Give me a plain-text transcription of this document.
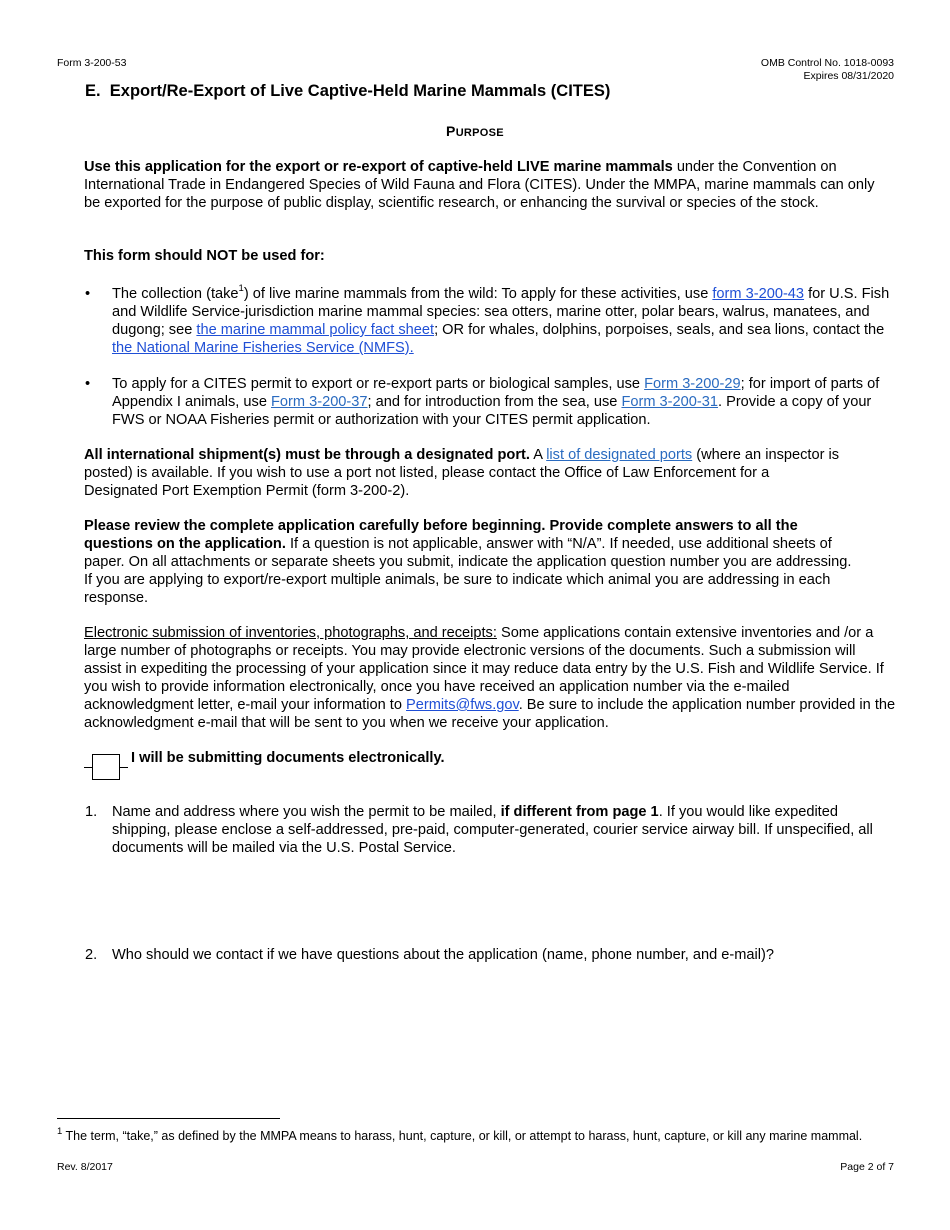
Form 3-200-53	OMB Control No. 1018-0093
Expires 08/31/2020
E. Export/Re-Export of Live Captive-Held Marine Mammals (CITES)
PURPOSE
Use this application for the export or re-export of captive-held LIVE marine mammals under the Convention on International Trade in Endangered Species of Wild Fauna and Flora (CITES). Under the MMPA, marine mammals can only be exported for the purpose of public display, scientific research, or enhancing the survival or species of the stock.
This form should NOT be used for:
• The collection (take$^1$) of live marine mammals from the wild: To apply for these activities, use form 3-200-43 for U.S. Fish and Wildlife Service-jurisdiction marine mammal species: sea otters, marine otter, polar bears, walrus, manatees, and dugong; see the marine mammal policy fact sheet; OR for whales, dolphins, porpoises, seals, and sea lions, contact the the National Marine Fisheries Service (NMFS).
• To apply for a CITES permit to export or re-export parts or biological samples, use Form 3-200-29; for import of parts of Appendix I animals, use Form 3-200-37; and for introduction from the sea, use Form 3-200-31. Provide a copy of your FWS or NOAA Fisheries permit or authorization with your CITES permit application.
All international shipment(s) must be through a designated port. A list of designated ports (where an inspector is posted) is available. If you wish to use a port not listed, please contact the Office of Law Enforcement for a Designated Port Exemption Permit (form 3-200-2).
Please review the complete application carefully before beginning. Provide complete answers to all the questions on the application. If a question is not applicable, answer with “N/A”. If needed, use additional sheets of paper. On all attachments or separate sheets you submit, indicate the application question number you are addressing. If you are applying to export/re-export multiple animals, be sure to indicate which animal you are addressing in each response.
Electronic submission of inventories, photographs, and receipts: Some applications contain extensive inventories and /or a large number of photographs or receipts. You may provide electronic versions of the documents. Such a submission will assist in expediting the processing of your application since it may reduce data entry by the U.S. Fish and Wildlife Service. If you wish to provide information electronically, once you have received an application number via the e-mailed acknowledgment letter, e-mail your information to Permits@fws.gov. Be sure to include the application number provided in the acknowledgment e-mail that will be sent to you when we receive your application.
I will be submitting documents electronically.
1. Name and address where you wish the permit to be mailed, if different from page 1. If you would like expedited shipping, please enclose a self-addressed, pre-paid, computer-generated, courier service airway bill. If unspecified, all documents will be mailed via the U.S. Postal Service.
2. Who should we contact if we have questions about the application (name, phone number, and e-mail)?
$^1$ The term, “take,” as defined by the MMPA means to harass, hunt, capture, or kill, or attempt to harass, hunt, capture, or kill any marine mammal.
Rev. 8/2017	Page 2 of 7
